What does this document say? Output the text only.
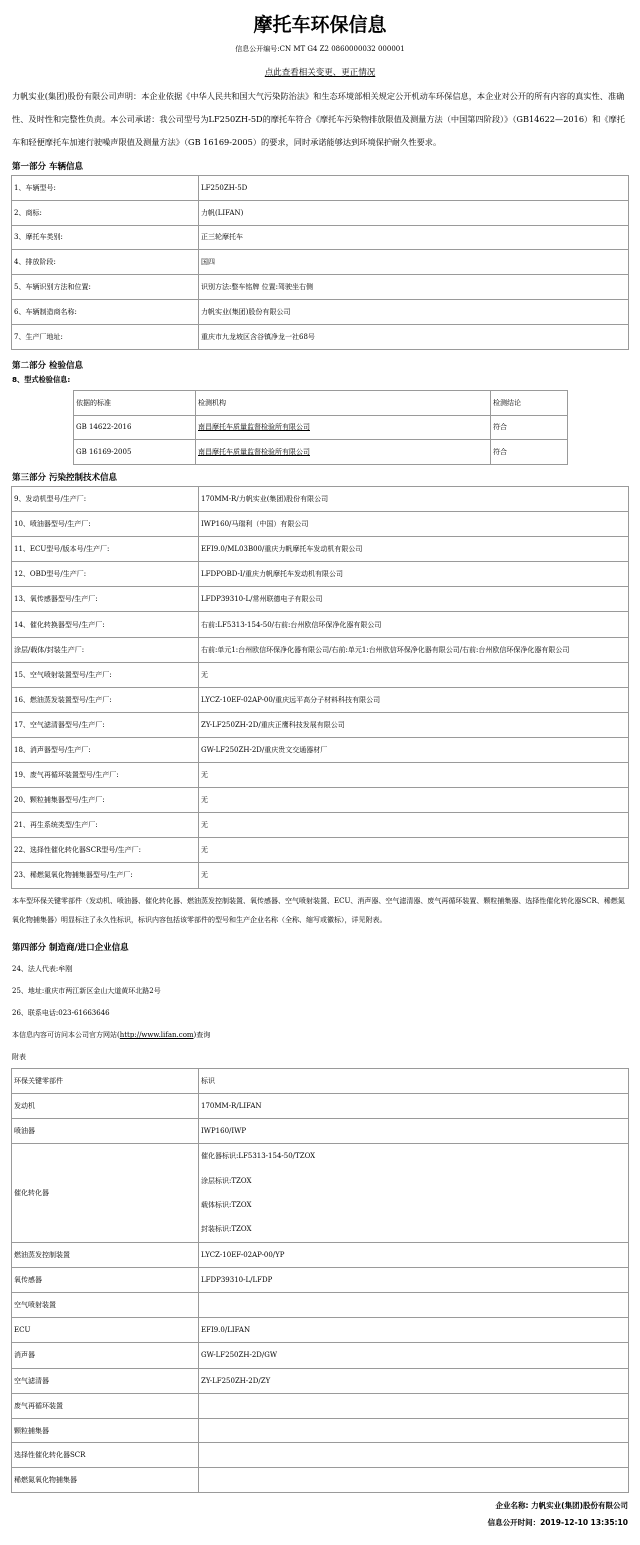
摩托车环保信息
信息公开编号:CN MT G4 Z2 0860000032 000001
点此查看相关变更、更正情况

力帆实业(集团)股份有限公司声明：本企业依据《中华人民共和国大气污染防治法》和生态环境部相关规定公开机动车环保信息，本企业对公开的所有内容的真实性、准确性、及时性和完整性负责。本公司承诺：我公司型号为LF250ZH-5D的摩托车符合《摩托车污染物排放限值及测量方法（中国第四阶段）》（GB14622—2016）和《摩托车和轻便摩托车加速行驶噪声限值及测量方法》（GB 16169-2005）的要求，同时承诺能够达到环境保护耐久性要求。

第一部分 车辆信息
1、车辆型号:	LF250ZH-5D
2、商标:	力帆(LIFAN)
3、摩托车类别:	正三轮摩托车
4、排放阶段:	国四
5、车辆识别方法和位置:	识别方法:整车铭牌 位置:驾驶坐右侧
6、车辆制造商名称:	力帆实业(集团)股份有限公司
7、生产厂地址:	重庆市九龙坡区含谷镇净龙一社68号
第二部分 检验信息
8、型式检验信息:
依据的标准	检测机构	检测结论
GB 14622-2016	南昌摩托车质量监督检验所有限公司	符合
GB 16169-2005	南昌摩托车质量监督检验所有限公司	符合
第三部分 污染控制技术信息
9、发动机型号/生产厂:	170MM-R/力帆实业(集团)股份有限公司
10、喷油器型号/生产厂:	IWP160/马瑞利（中国）有限公司
11、ECU型号/版本号/生产厂:	EFI9.0/ML03B00/重庆力帆摩托车发动机有限公司
12、OBD型号/生产厂:	LFDPOBD-I/重庆力帆摩托车发动机有限公司
13、氧传感器型号/生产厂:	LFDP39310-L/常州联德电子有限公司
14、催化转换器型号/生产厂:	右前:LF5313-154-50/右前:台州欧信环保净化器有限公司
涂层/载体/封装生产厂:	右前:单元1:台州欧信环保净化器有限公司/右前:单元1:台州欧信环保净化器有限公司/右前:台州欧信环保净化器有限公司
15、空气喷射装置型号/生产厂:	无
16、燃油蒸发装置型号/生产厂:	LYCZ-10EF-02AP-00/重庆远平高分子材料科技有限公司
17、空气滤清器型号/生产厂:	ZY-LF250ZH-2D/重庆正鹰科技发展有限公司
18、消声器型号/生产厂:	GW-LF250ZH-2D/重庆贵文交通器材厂
19、废气再循环装置型号/生产厂:	无
20、颗粒捕集器型号/生产厂:	无
21、再生系统类型/生产厂:	无
22、选择性催化转化器SCR型号/生产厂:	无
23、稀燃氮氧化物捕集器型号/生产厂:	无

本车型环保关键零部件（发动机、喷油器、催化转化器、燃油蒸发控制装置、氧传感器、空气喷射装置、ECU、消声器、空气滤清器、废气再循环装置、颗粒捕集器、选择性催化转化器SCR、稀燃氮氧化物捕集器）明显标注了永久性标识，标识内容包括该零部件的型号和生产企业名称（全称、缩写或徽标），详见附表。

第四部分 制造商/进口企业信息
24、法人代表:牟刚
25、地址:重庆市两江新区金山大道黄环北路2号
26、联系电话:023-61663646
本信息内容可访问本公司官方网站(http://www.lifan.com)查询
附表
环保关键零部件	标识
发动机	170MM-R/LIFAN

喷油器	IWP160/IWP

催化转化器	催化器标识:LF5313-154-50/TZOX
涂层标识:TZOX
载体标识:TZOX
封装标识:TZOX

燃油蒸发控制装置	LYCZ-10EF-02AP-00/YP

氧传感器	LFDP39310-L/LFDP

空气喷射装置	
ECU	EFI9.0/LIFAN

消声器	GW-LF250ZH-2D/GW

空气滤清器	ZY-LF250ZH-2D/ZY

废气再循环装置	
颗粒捕集器	
选择性催化转化器SCR	
稀燃氮氧化物捕集器	
企业名称: 力帆实业(集团)股份有限公司
信息公开时间：2019-12-10 13:35:10
